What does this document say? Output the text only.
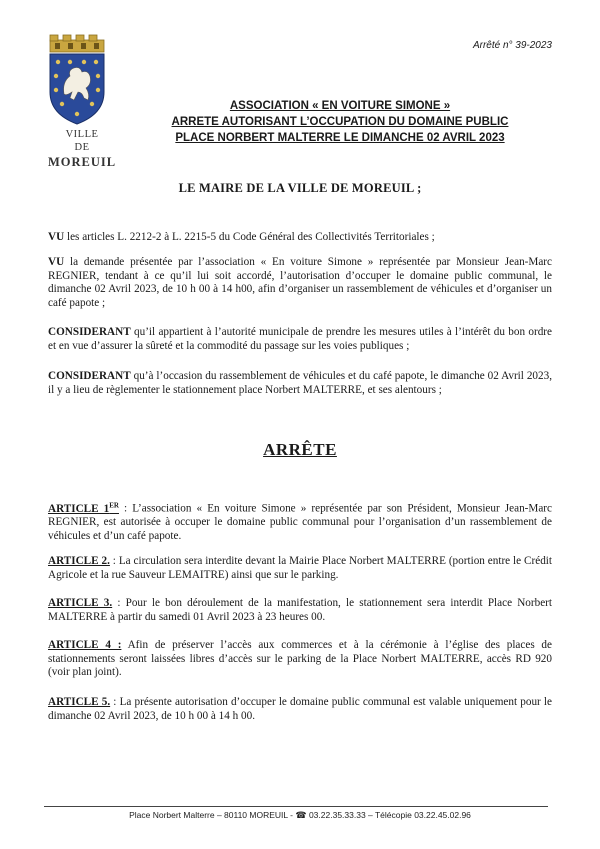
Arrêté n° 39-2023
VILLE
DE
MOREUIL
ASSOCIATION « EN VOITURE SIMONE »
ARRETE AUTORISANT L’OCCUPATION DU DOMAINE PUBLIC
PLACE NORBERT MALTERRE LE DIMANCHE 02 AVRIL 2023
LE MAIRE DE LA VILLE DE MOREUIL ;
VU les articles L. 2212-2 à L. 2215-5 du Code Général des Collectivités Territoriales ;
VU la demande présentée par l’association « En voiture Simone » représentée par Monsieur Jean-Marc REGNIER, tendant à ce qu’il lui soit accordé, l’autorisation d’occuper le domaine public communal, le dimanche 02 Avril 2023, de 10 h 00 à 14 h00, afin d’organiser un rassemblement de véhicules et d’organiser un café papote ;
CONSIDERANT qu’il appartient à l’autorité municipale de prendre les mesures utiles à l’intérêt du bon ordre et en vue d’assurer la sûreté et la commodité du passage sur les voies publiques ;
CONSIDERANT qu’à l’occasion du rassemblement de véhicules et du café papote, le dimanche 02 Avril 2023, il y a lieu de règlementer le stationnement place Norbert MALTERRE, et ses alentours ;
ARRÊTE
ARTICLE 1ER : L’association « En voiture Simone » représentée par son Président, Monsieur Jean-Marc REGNIER, est autorisée à occuper le domaine public communal pour l’organisation d’un rassemblement de véhicules et d’un café papote.
ARTICLE 2. : La circulation sera interdite devant la Mairie Place Norbert MALTERRE (portion entre le Crédit Agricole et la rue Sauveur LEMAITRE) ainsi que sur le parking.
ARTICLE 3. : Pour le bon déroulement de la manifestation, le stationnement sera interdit Place Norbert MALTERRE à partir du samedi 01 Avril 2023 à 23 heures 00.
ARTICLE 4 : Afin de préserver l’accès aux commerces et à la cérémonie à l’église des places de stationnements seront laissées libres d’accès sur le parking de la Place Norbert MALTERRE, accès RD 920 (voir plan joint).
ARTICLE 5. : La présente autorisation d’occuper le domaine public communal est valable uniquement pour le dimanche 02 Avril 2023, de 10 h 00 à 14 h 00.
Place Norbert Malterre – 80110 MOREUIL - ☎ 03.22.35.33.33 – Télécopie 03.22.45.02.96
